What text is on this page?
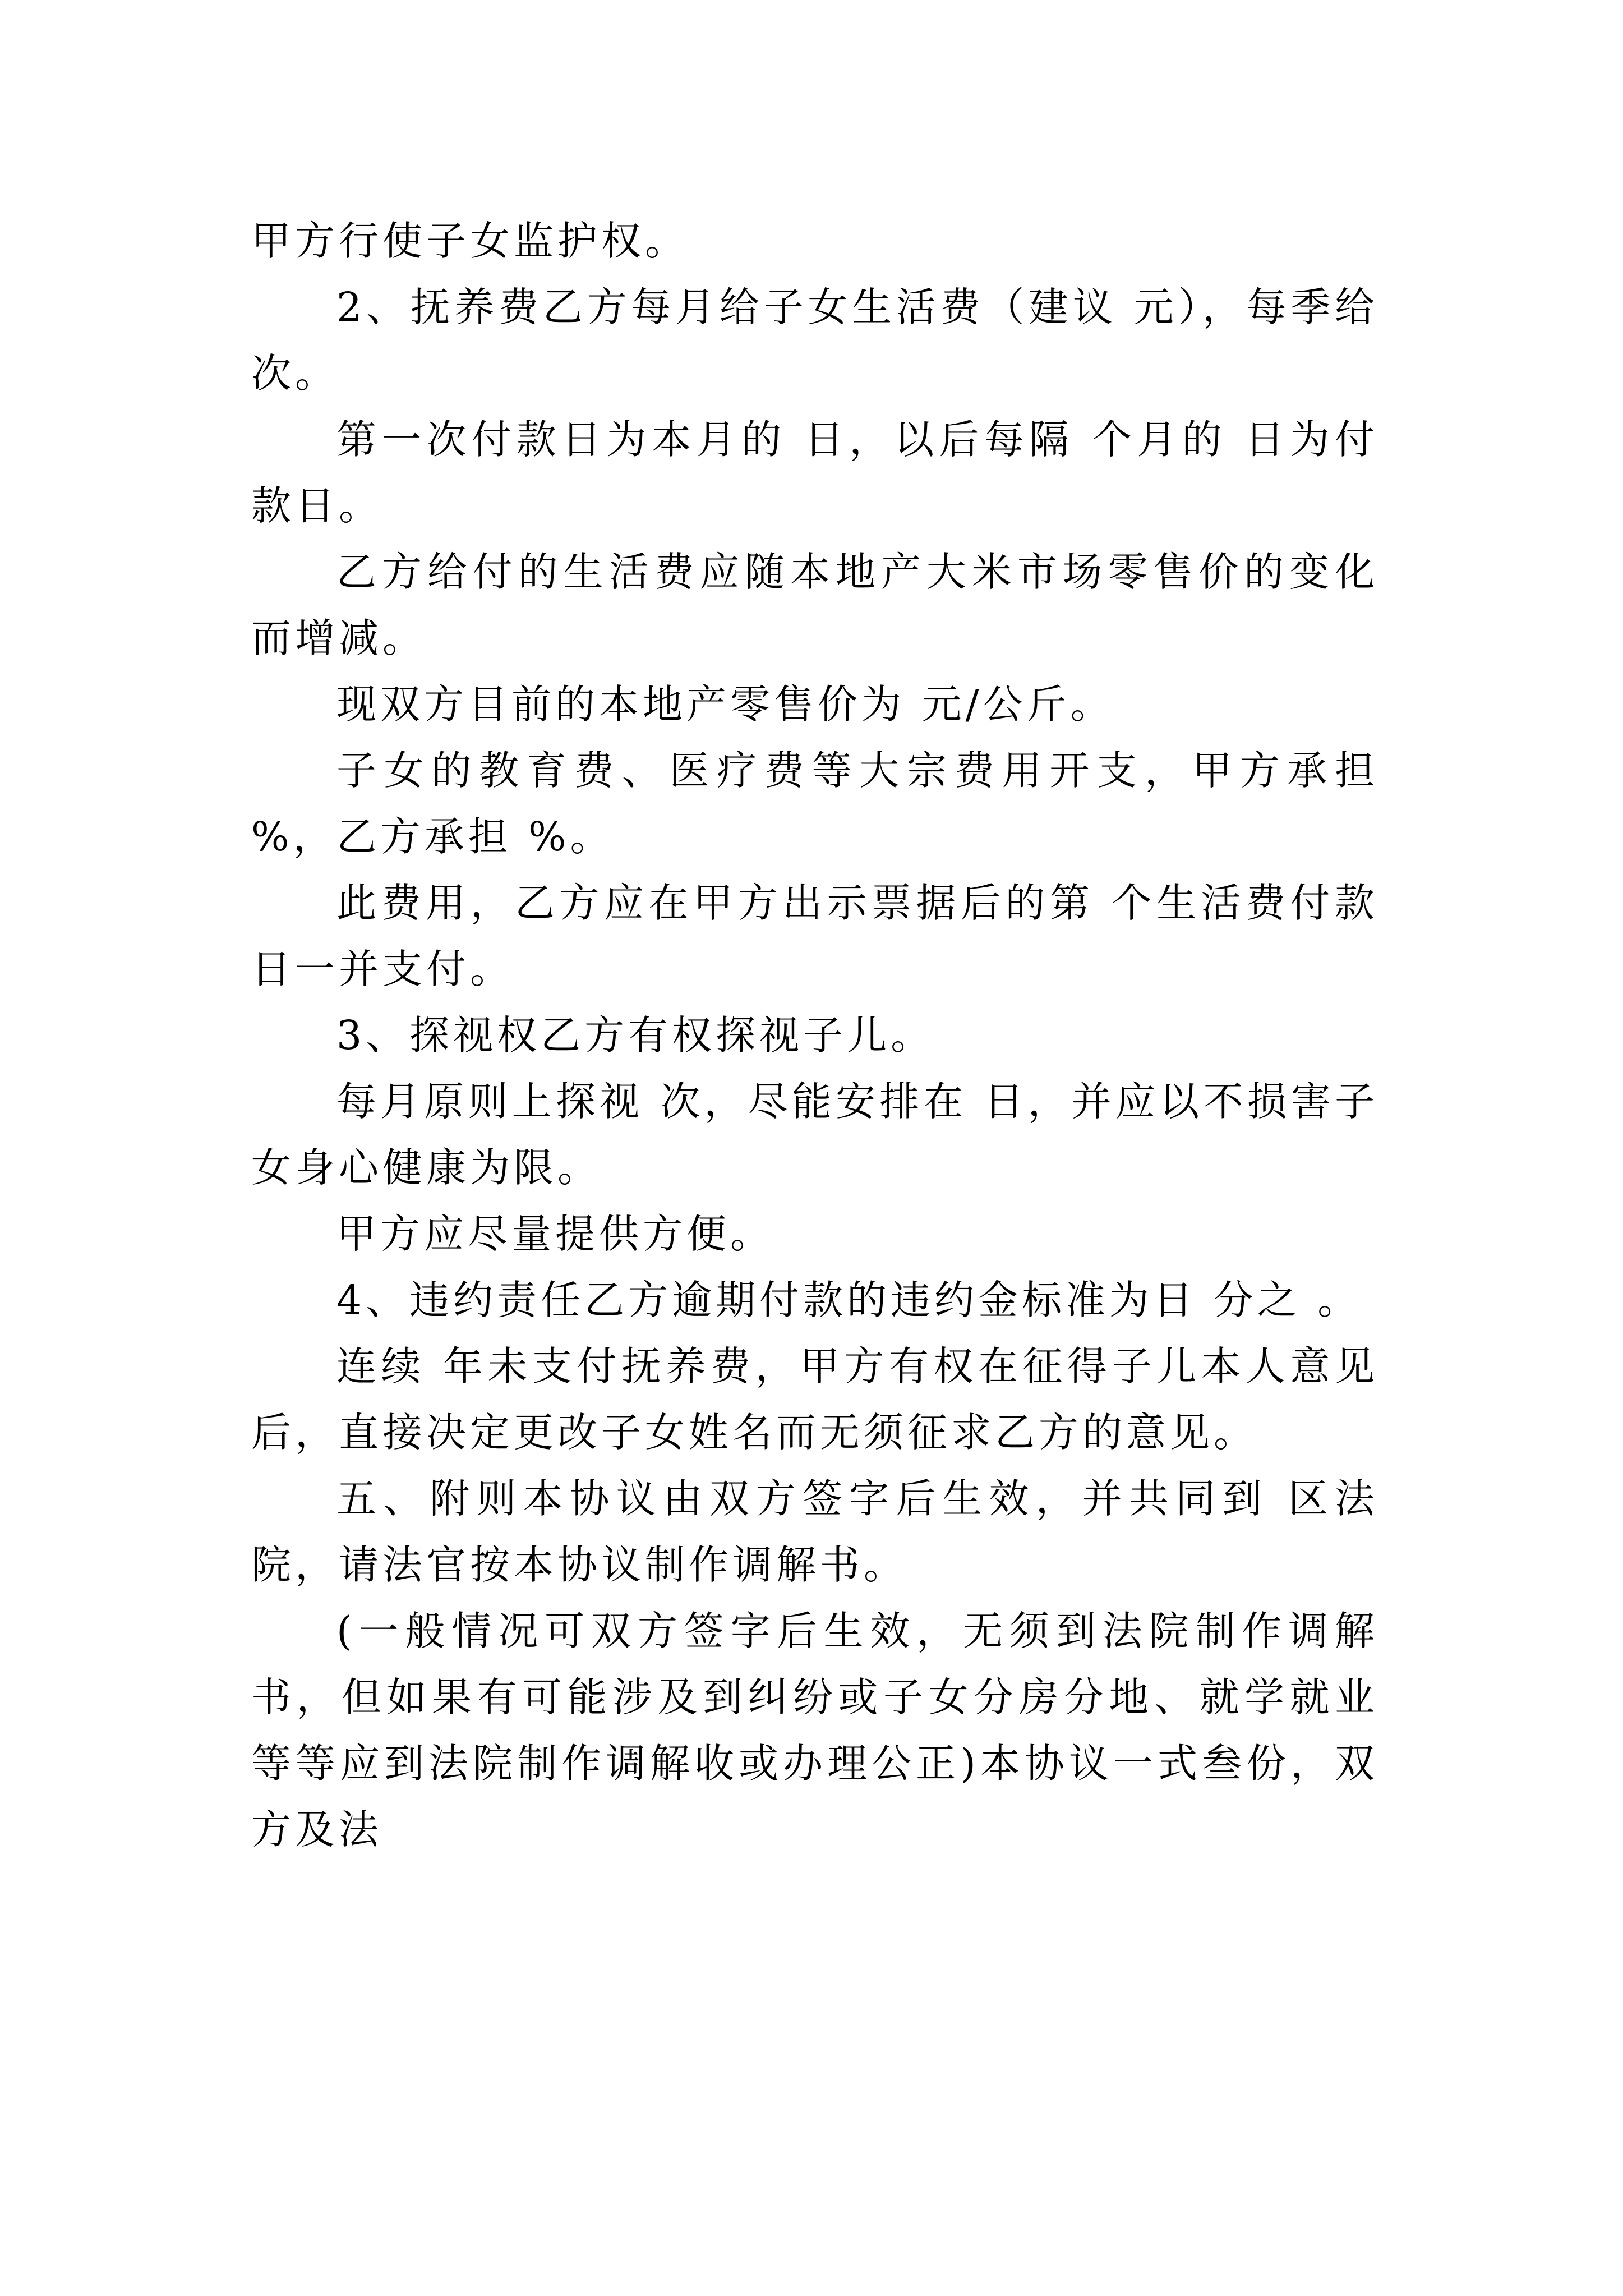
甲方行使子女监护权。

2、抚养费乙方每月给子女生活费（建议 元），每季给 次。

第一次付款日为本月的 日，以后每隔 个月的 日为付款日。

乙方给付的生活费应随本地产大米市场零售价的变化而增减。

现双方目前的本地产零售价为 元/公斤。

子女的教育费、医疗费等大宗费用开支，甲方承担 %，乙方承担 %。

此费用，乙方应在甲方出示票据后的第 个生活费付款日一并支付。

3、探视权乙方有权探视子儿。

每月原则上探视 次，尽能安排在 日，并应以不损害子女身心健康为限。

甲方应尽量提供方便。

4、违约责任乙方逾期付款的违约金标准为日 分之 。

连续 年未支付抚养费，甲方有权在征得子儿本人意见后，直接决定更改子女姓名而无须征求乙方的意见。

五、附则本协议由双方签字后生效，并共同到 区法院，请法官按本协议制作调解书。

(一般情况可双方签字后生效，无须到法院制作调解书，但如果有可能涉及到纠纷或子女分房分地、就学就业等等应到法院制作调解收或办理公正)本协议一式叁份，双方及法
